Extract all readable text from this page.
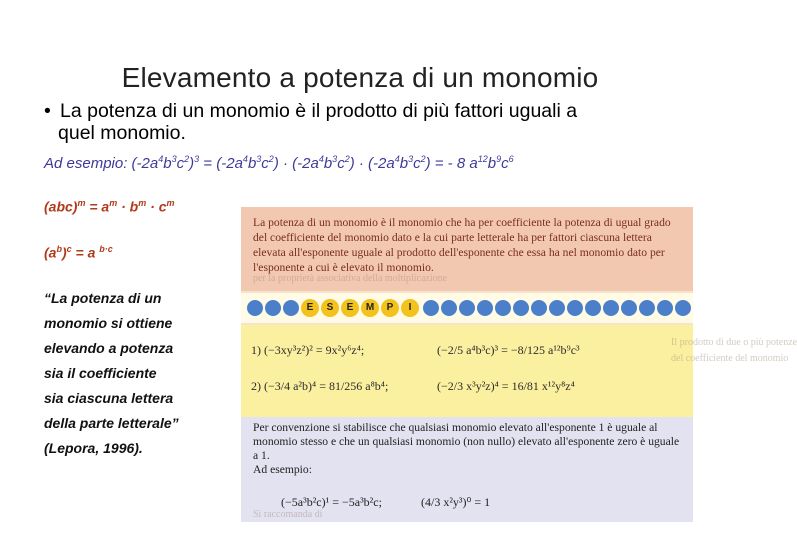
Elevamento a potenza di un monomio
• La potenza di un monomio è il prodotto di più fattori uguali a
quel monomio.
Ad esempio: $(-2a^4b^3c^2)^3 = (-2a^4b^3c^2) \cdot (-2a^4b^3c^2) \cdot (-2a^4b^3c^2)$ = - 8 $a^{12}b^9c^6$
$(abc)^m = a^m \cdot b^m \cdot c^m$
$(a^b)^c = a$ $^{b\cdot c}$
“La potenza di un
monomio si ottiene
elevando a potenza
sia il coefficiente
sia ciascuna lettera
della parte letterale”
(Lepora, 1996).
La potenza di un monomio è il monomio che ha per coefficiente la potenza di ugual grado del coefficiente del monomio dato e la cui parte letterale ha per fattori ciascuna lettera elevata all'esponente uguale al prodotto dell'esponente che essa ha nel monomio dato per l'esponente a cui è elevato il monomio.
per la proprietà associativa della moltiplicazione
E	S	E	M	P	I
1) (−3xy³z²)² = 9x²y⁶z⁴;	(−2/5 a⁴b³c)³ = −8/125 a¹²b⁹c³
2) (−3/4 a²b)⁴ = 81/256 a⁸b⁴;	(−2/3 x³y²z)⁴ = 16/81 x¹²y⁸z⁴
Il prodotto di due o più potenze
del coefficiente del monomio
Per convenzione si stabilisce che qualsiasi monomio elevato all'esponente 1 è uguale al monomio stesso e che un qualsiasi monomio (non nullo) elevato all'esponente zero è uguale a 1.
Ad esempio:
(−5a³b²c)¹ = −5a³b²c;	(4/3 x²y³)⁰ = 1
Si raccomanda di
